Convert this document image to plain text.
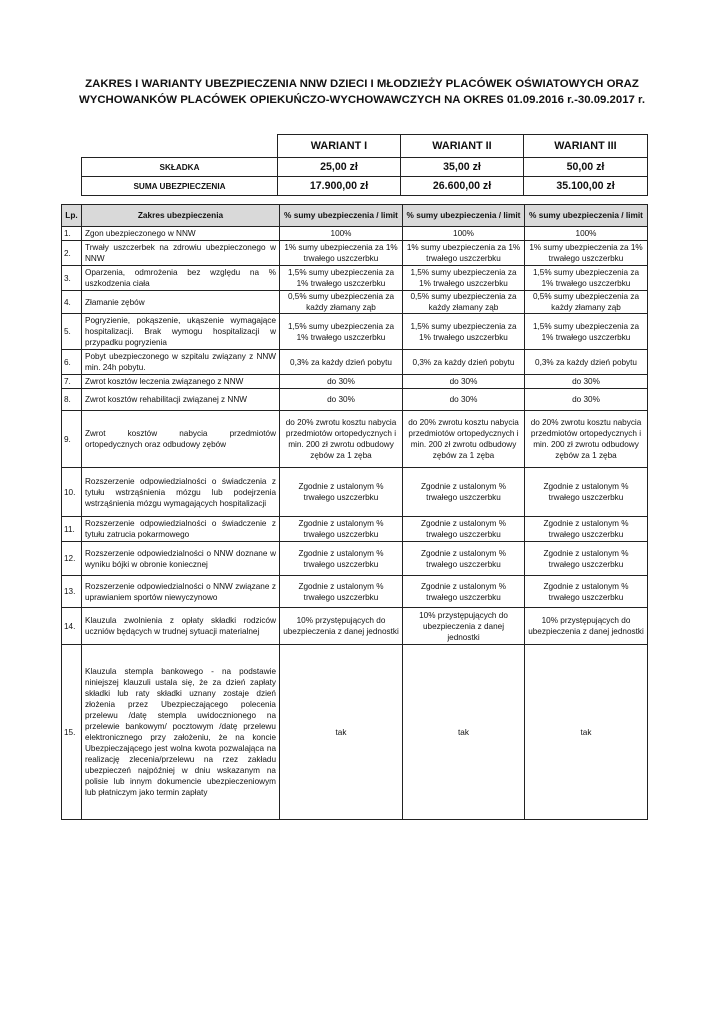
ZAKRES I WARIANTY UBEZPIECZENIA NNW DZIECI I MŁODZIEŻY PLACÓWEK OŚWIATOWYCH ORAZ
WYCHOWANKÓW PLACÓWEK OPIEKUŃCZO-WYCHOWAWCZYCH NA OKRES 01.09.2016 r.-30.09.2017 r.
	WARIANT I	WARIANT II	WARIANT III
SKŁADKA	25,00 zł	35,00 zł	50,00 zł
SUMA UBEZPIECZENIA	17.900,00 zł	26.600,00 zł	35.100,00 zł
Lp.	Zakres ubezpieczenia	% sumy ubezpieczenia / limit	% sumy ubezpieczenia / limit	% sumy ubezpieczenia / limit
1.	Zgon ubezpieczonego w NNW	100%	100%	100%
2.	Trwały uszczerbek na zdrowiu ubezpieczonego w NNW	1% sumy ubezpieczenia za 1% trwałego uszczerbku	1% sumy ubezpieczenia za 1% trwałego uszczerbku	1% sumy ubezpieczenia za 1% trwałego uszczerbku
3.	Oparzenia, odmrożenia bez względu na % uszkodzenia ciała	1,5% sumy ubezpieczenia za 1% trwałego uszczerbku	1,5% sumy ubezpieczenia za 1% trwałego uszczerbku	1,5% sumy ubezpieczenia za 1% trwałego uszczerbku
4.	Złamanie zębów	0,5% sumy ubezpieczenia za każdy złamany ząb	0,5% sumy ubezpieczenia za każdy złamany ząb	0,5% sumy ubezpieczenia za każdy złamany ząb
5.	Pogryzienie, pokąszenie, ukąszenie wymagające hospitalizacji. Brak wymogu hospitalizacji w przypadku pogryzienia	1,5% sumy ubezpieczenia za 1% trwałego uszczerbku	1,5% sumy ubezpieczenia za 1% trwałego uszczerbku	1,5% sumy ubezpieczenia za 1% trwałego uszczerbku
6.	Pobyt ubezpieczonego w szpitalu związany z NNW min. 24h pobytu.	0,3% za każdy dzień pobytu	0,3% za każdy dzień pobytu	0,3% za każdy dzień pobytu
7.	Zwrot kosztów leczenia związanego z NNW	do 30%	do 30%	do 30%
8.	Zwrot kosztów rehabilitacji związanej z NNW	do 30%	do 30%	do 30%
9.	Zwrot kosztów nabycia przedmiotów ortopedycznych oraz odbudowy zębów	do 20% zwrotu kosztu nabycia przedmiotów ortopedycznych i min. 200 zł zwrotu odbudowy zębów za 1 zęba	do 20% zwrotu kosztu nabycia przedmiotów ortopedycznych i min. 200 zł zwrotu odbudowy zębów za 1 zęba	do 20% zwrotu kosztu nabycia przedmiotów ortopedycznych i min. 200 zł zwrotu odbudowy zębów za 1 zęba
10.	Rozszerzenie odpowiedzialności o świadczenia z tytułu wstrząśnienia mózgu lub podejrzenia wstrząśnienia mózgu wymagających hospitalizacji	Zgodnie z ustalonym % trwałego uszczerbku	Zgodnie z ustalonym % trwałego uszczerbku	Zgodnie z ustalonym % trwałego uszczerbku
11.	Rozszerzenie odpowiedzialności o świadczenie z tytułu zatrucia pokarmowego	Zgodnie z ustalonym % trwałego uszczerbku	Zgodnie z ustalonym % trwałego uszczerbku	Zgodnie z ustalonym % trwałego uszczerbku
12.	Rozszerzenie odpowiedzialności o NNW doznane w wyniku bójki w obronie koniecznej	Zgodnie z ustalonym % trwałego uszczerbku	Zgodnie z ustalonym % trwałego uszczerbku	Zgodnie z ustalonym % trwałego uszczerbku
13.	Rozszerzenie odpowiedzialności o NNW związane z uprawianiem sportów niewyczynowo	Zgodnie z ustalonym % trwałego uszczerbku	Zgodnie z ustalonym % trwałego uszczerbku	Zgodnie z ustalonym % trwałego uszczerbku
14.	Klauzula zwolnienia z opłaty składki rodziców uczniów będących w trudnej sytuacji materialnej	10% przystępujących do ubezpieczenia z danej jednostki	10% przystępujących do ubezpieczenia z danej jednostki	10% przystępujących do ubezpieczenia z danej jednostki
15.	Klauzula stempla bankowego - na podstawie niniejszej klauzuli ustala się, że za dzień zapłaty składki lub raty składki uznany zostaje dzień złożenia przez Ubezpieczającego polecenia przelewu /datę stempla uwidocznionego na przelewie bankowym/ pocztowym /datę przelewu elektronicznego przy założeniu, że na koncie Ubezpieczającego jest wolna kwota pozwalająca na realizację zlecenia/przelewu na rzez zakładu ubezpieczeń najpóźniej w dniu wskazanym na polisie lub innym dokumencie ubezpieczeniowym lub płatniczym jako termin zapłaty	tak	tak	tak
